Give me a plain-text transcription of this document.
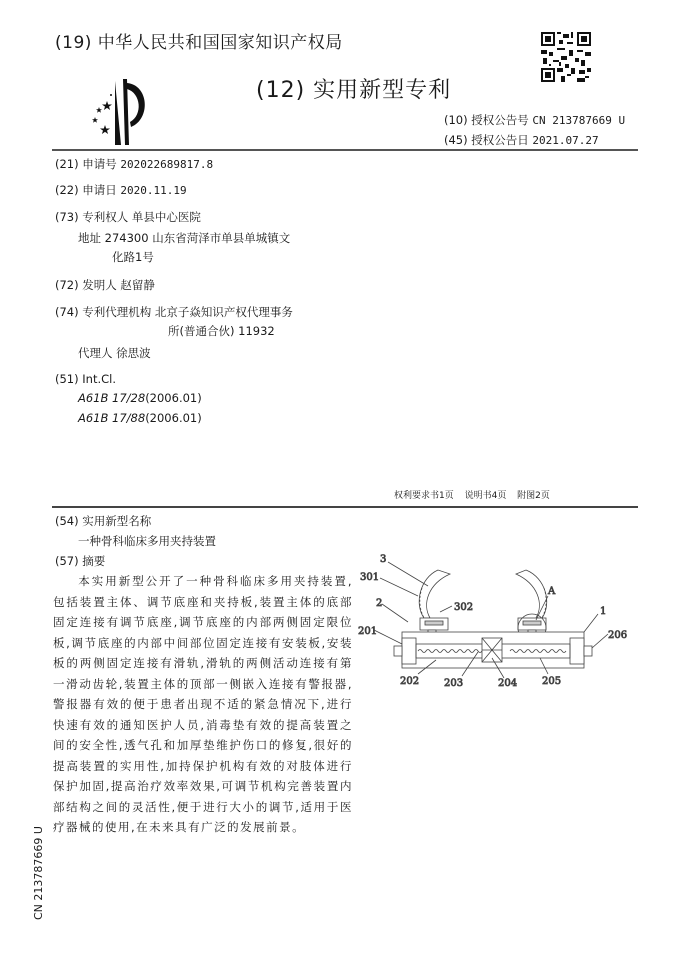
(19) 中华人民共和国国家知识产权局
(12) 实用新型专利
(10) 授权公告号 CN 213787669 U
(45) 授权公告日 2021.07.27
(21) 申请号 202022689817.8
(22) 申请日 2020.11.19
(73) 专利权人 单县中心医院
地址 274300 山东省菏泽市单县单城镇文
化路1号
(72) 发明人 赵留静
(74) 专利代理机构 北京子焱知识产权代理事务
所(普通合伙) 11932
代理人 徐思波
(51) Int.Cl.
A61B 17/28(2006.01)
A61B 17/88(2006.01)
权利要求书1页 说明书4页 附图2页
(54) 实用新型名称
一种骨科临床多用夹持装置
(57) 摘要
本实用新型公开了一种骨科临床多用夹持装置,包括装置主体、调节底座和夹持板,装置主体的底部固定连接有调节底座,调节底座的内部两侧固定限位板,调节底座的内部中间部位固定连接有安装板,安装板的两侧固定连接有滑轨,滑轨的两侧活动连接有第一滑动齿轮,装置主体的顶部一侧嵌入连接有警报器,警报器有效的便于患者出现不适的紧急情况下,进行快速有效的通知医护人员,消毒垫有效的提高装置之间的安全性,透气孔和加厚垫维护伤口的修复,很好的提高装置的实用性,加持保护机构有效的对肢体进行保护加固,提高治疗效率效果,可调节机构完善装置内部结构之间的灵活性,便于进行大小的调节,适用于医疗器械的使用,在未来具有广泛的发展前景。
CN 213787669 U
3
301
302
2
A
1
201	206
202 203	204 205
